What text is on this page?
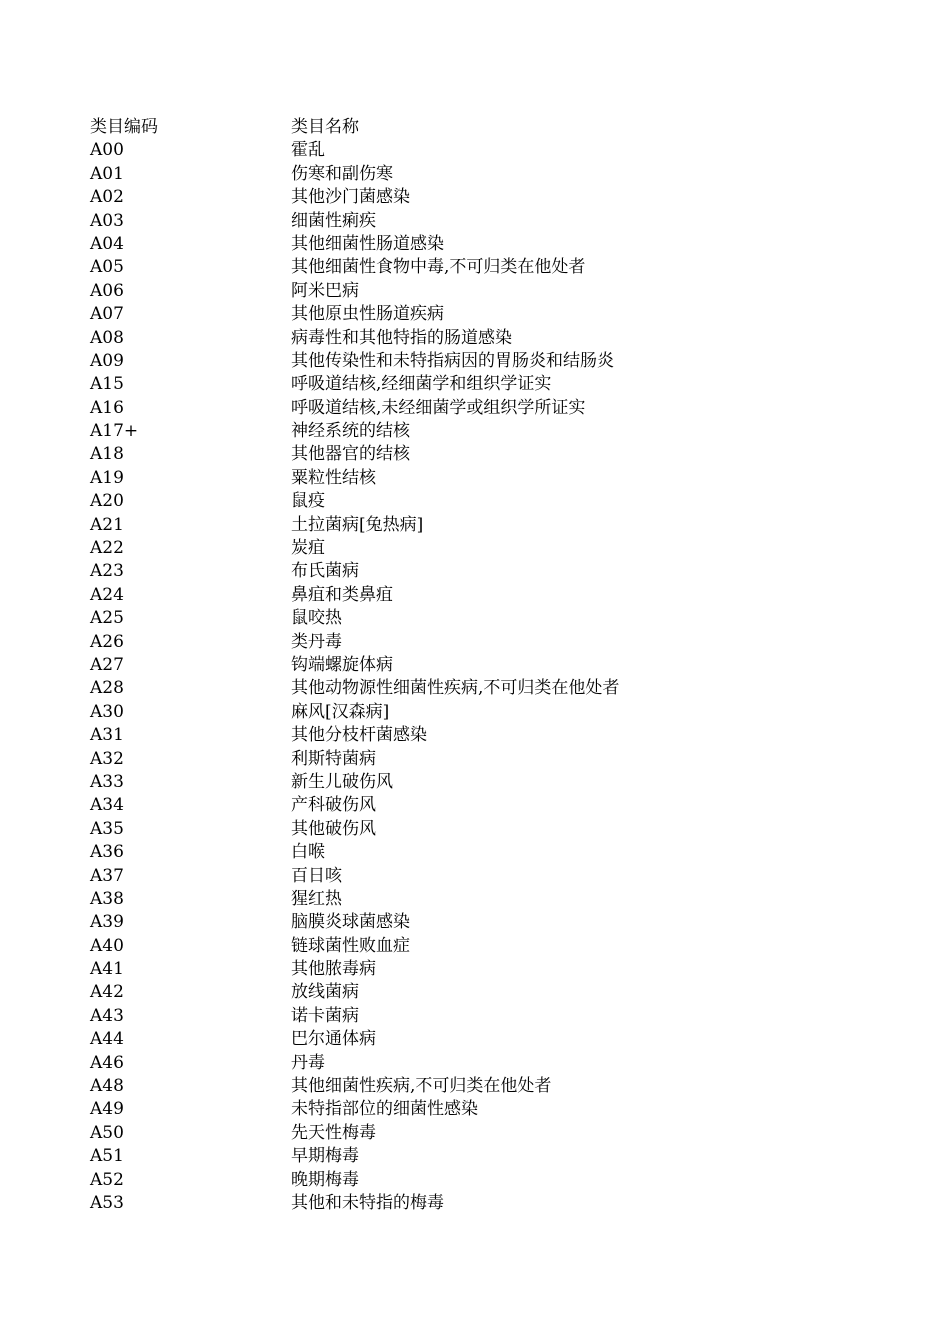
类目编码	类目名称
A00	霍乱
A01	伤寒和副伤寒
A02	其他沙门菌感染
A03	细菌性痢疾
A04	其他细菌性肠道感染
A05	其他细菌性食物中毒,不可归类在他处者
A06	阿米巴病
A07	其他原虫性肠道疾病
A08	病毒性和其他特指的肠道感染
A09	其他传染性和未特指病因的胃肠炎和结肠炎
A15	呼吸道结核,经细菌学和组织学证实
A16	呼吸道结核,未经细菌学或组织学所证实
A17+	神经系统的结核
A18	其他器官的结核
A19	粟粒性结核
A20	鼠疫
A21	土拉菌病[兔热病]
A22	炭疽
A23	布氏菌病
A24	鼻疽和类鼻疽
A25	鼠咬热
A26	类丹毒
A27	钩端螺旋体病
A28	其他动物源性细菌性疾病,不可归类在他处者
A30	麻风[汉森病]
A31	其他分枝杆菌感染
A32	利斯特菌病
A33	新生儿破伤风
A34	产科破伤风
A35	其他破伤风
A36	白喉
A37	百日咳
A38	猩红热
A39	脑膜炎球菌感染
A40	链球菌性败血症
A41	其他脓毒病
A42	放线菌病
A43	诺卡菌病
A44	巴尔通体病
A46	丹毒
A48	其他细菌性疾病,不可归类在他处者
A49	未特指部位的细菌性感染
A50	先天性梅毒
A51	早期梅毒
A52	晚期梅毒
A53	其他和未特指的梅毒
